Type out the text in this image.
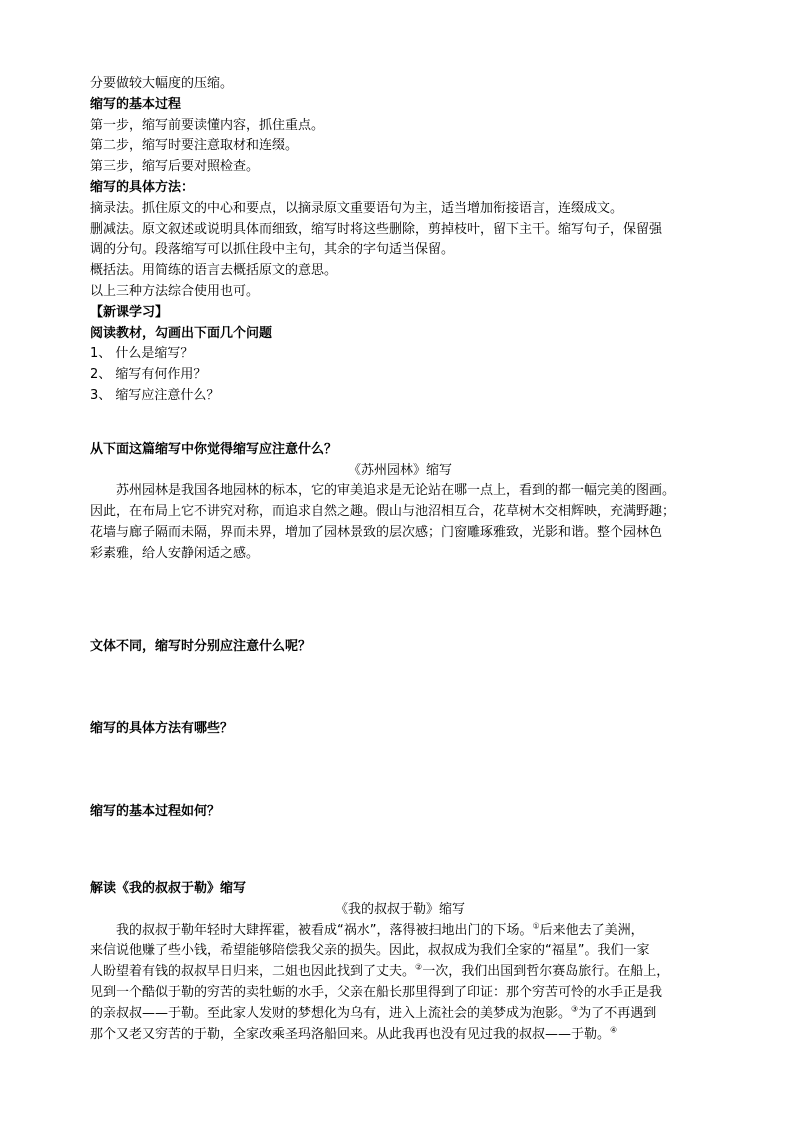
分要做较大幅度的压缩。
缩写的基本过程
第一步，缩写前要读懂内容，抓住重点。
第二步，缩写时要注意取材和连缀。
第三步，缩写后要对照检查。
缩写的具体方法：
摘录法。抓住原文的中心和要点，以摘录原文重要语句为主，适当增加衔接语言，连缀成文。
删减法。原文叙述或说明具体而细致，缩写时将这些删除，剪掉枝叶，留下主干。缩写句子，保留强
调的分句。段落缩写可以抓住段中主句，其余的字句适当保留。
概括法。用简练的语言去概括原文的意思。
以上三种方法综合使用也可。
【新课学习】
阅读教材，勾画出下面几个问题
1、 什么是缩写？
2、 缩写有何作用？
3、 缩写应注意什么？
从下面这篇缩写中你觉得缩写应注意什么？
《苏州园林》缩写
苏州园林是我国各地园林的标本，它的审美追求是无论站在哪一点上，看到的都一幅完美的图画。
因此，在布局上它不讲究对称，而追求自然之趣。假山与池沼相互合，花草树木交相辉映，充满野趣；
花墙与廊子隔而未隔，界而未界，增加了园林景致的层次感；门窗雕琢雅致，光影和谐。整个园林色
彩素雅，给人安静闲适之感。
文体不同，缩写时分别应注意什么呢？
缩写的具体方法有哪些？
缩写的基本过程如何？
解读《我的叔叔于勒》缩写
《我的叔叔于勒》缩写
我的叔叔于勒年轻时大肆挥霍，被看成“祸水”，落得被扫地出门的下场。①后来他去了美洲，
来信说他赚了些小钱，希望能够陪偿我父亲的损失。因此，叔叔成为我们全家的“福星”。我们一家
人盼望着有钱的叔叔早日归来，二姐也因此找到了丈夫。②一次，我们出国到哲尔赛岛旅行。在船上，
见到一个酷似于勒的穷苦的卖牡蛎的水手，父亲在船长那里得到了印证：那个穷苦可怜的水手正是我
的亲叔叔——于勒。至此家人发财的梦想化为乌有，进入上流社会的美梦成为泡影。③为了不再遇到
那个又老又穷苦的于勒，全家改乘圣玛洛船回来。从此我再也没有见过我的叔叔——于勒。④
